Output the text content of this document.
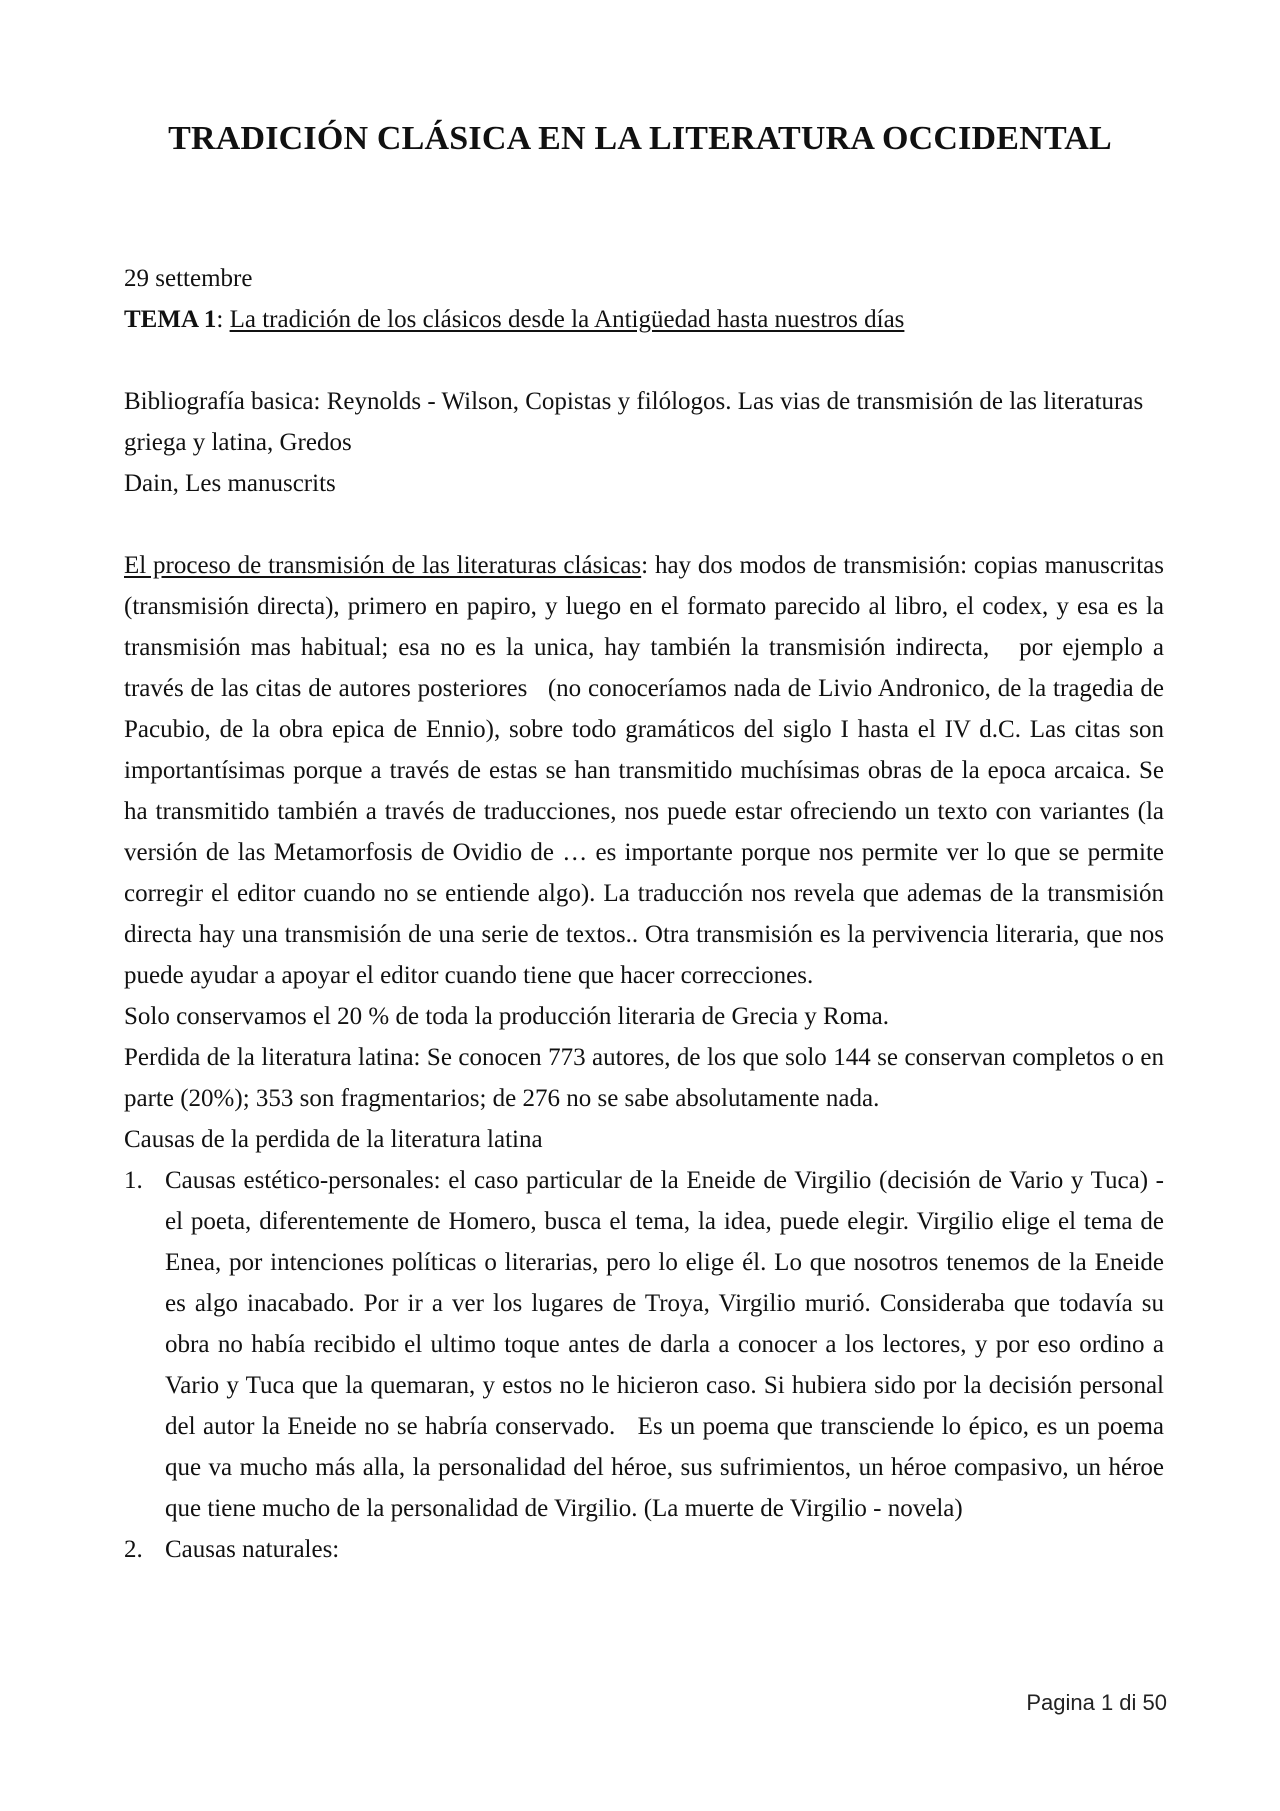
TRADICIÓN CLÁSICA EN LA LITERATURA OCCIDENTAL

29 settembre

TEMA 1: La tradición de los clásicos desde la Antigüedad hasta nuestros días

Bibliografía basica: Reynolds - Wilson, Copistas y filólogos. Las vias de transmisión de las literaturas griega y latina, Gredos

Dain, Les manuscrits

El proceso de transmisión de las literaturas clásicas: hay dos modos de transmisión: copias manuscritas (transmisión directa), primero en papiro, y luego en el formato parecido al libro, el codex, y esa es la transmisión mas habitual; esa no es la unica, hay también la transmisión indirecta,   por ejemplo a través de las citas de autores posteriores   (no conoceríamos nada de Livio Andronico, de la tragedia de Pacubio, de la obra epica de Ennio), sobre todo gramáticos del siglo I hasta el IV d.C. Las citas son importantísimas porque a través de estas se han transmitido muchísimas obras de la epoca arcaica. Se ha transmitido también a través de traducciones, nos puede estar ofreciendo un texto con variantes (la versión de las Metamorfosis de Ovidio de … es importante porque nos permite ver lo que se permite corregir el editor cuando no se entiende algo). La traducción nos revela que ademas de la transmisión directa hay una transmisión de una serie de textos.. Otra transmisión es la pervivencia literaria, que nos puede ayudar a apoyar el editor cuando tiene que hacer correcciones.

Solo conservamos el 20 % de toda la producción literaria de Grecia y Roma.

Perdida de la literatura latina: Se conocen 773 autores, de los que solo 144 se conservan completos o en parte (20%); 353 son fragmentarios; de 276 no se sabe absolutamente nada.

Causas de la perdida de la literatura latina

1. Causas estético-personales: el caso particular de la Eneide de Virgilio (decisión de Vario y Tuca) - el poeta, diferentemente de Homero, busca el tema, la idea, puede elegir. Virgilio elige el tema de Enea, por intenciones políticas o literarias, pero lo elige él. Lo que nosotros tenemos de la Eneide es algo inacabado. Por ir a ver los lugares de Troya, Virgilio murió. Consideraba que todavía su obra no había recibido el ultimo toque antes de darla a conocer a los lectores, y por eso ordino a Vario y Tuca que la quemaran, y estos no le hicieron caso. Si hubiera sido por la decisión personal del autor la Eneide no se habría conservado.   Es un poema que transciende lo épico, es un poema que va mucho más alla, la personalidad del héroe, sus sufrimientos, un héroe compasivo, un héroe que tiene mucho de la personalidad de Virgilio. (La muerte de Virgilio - novela)
2. Causas naturales:
Pagina 1 di 50
